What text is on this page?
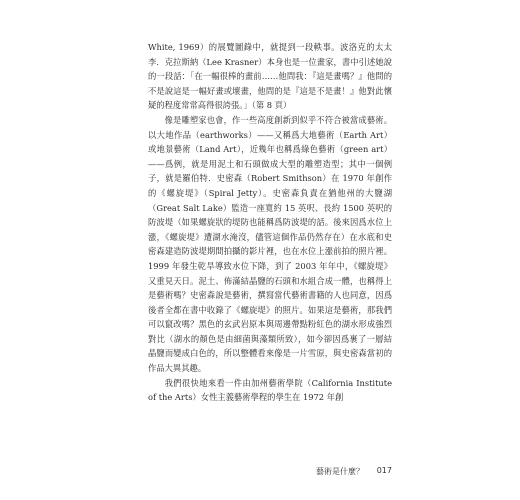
White, 1969）的展覽圖錄中，就提到一段軼事。波洛克的太太李．克拉斯納（Lee Krasner）本身也是一位畫家，書中引述她說的一段話：「在一幅很棒的畫前……他問我：『這是畫嗎？』他問的不是說這是一幅好畫或壞畫，他問的是『這是不是畫！』他對此懷疑的程度常常高得很誇張。」（第 8 頁）

像是雕塑家也會，作一些高度創新到似乎不符合被當成藝術。以大地作品（earthworks）——又稱爲大地藝術（Earth Art）或地景藝術（Land Art），近幾年也稱爲綠色藝術（green art）——爲例，就是用泥土和石頭做成大型的雕塑造型；其中一個例子，就是羅伯特．史密森（Robert Smithson）在 1970 年創作的《螺旋堤》（Spiral Jetty）。史密森負責在猶他州的大鹽湖（Great Salt Lake）監造一座寬約 15 英呎、長約 1500 英呎的防波堤（如果螺旋狀的堤防也能稱爲防波堤的話。後來因爲水位上漲，《螺旋堤》遭湖水淹沒，儘管這個作品仍然存在）在水底和史密森建造防波堤期間拍攝的影片裡，也在水位上漲前拍的照片裡。1999 年發生乾旱導致水位下降，到了 2003 年年中，《螺旋堤》又重見天日。泥土、佈滿結晶鹽的石頭和水組合成一體，也稱得上是藝術嗎？史密森說是藝術，撰寫當代藝術書籍的人也同意，因爲後者全都在書中收錄了《螺旋堤》的照片。如果這是藝術，那我們可以竄改嗎？黑色的玄武岩原本與周邊帶點粉紅色的湖水形成強烈對比（湖水的顏色是由細菌與藻類所致），如今卻因爲裹了一層結晶鹽而變成白色的，所以整體看來像是一片雪原，與史密森當初的作品大異其趣。

我們很快地來看一件由加州藝術學院（California Institute of the Arts）女性主義藝術學程的學生在 1972 年創

藝術是什麼？ 017
